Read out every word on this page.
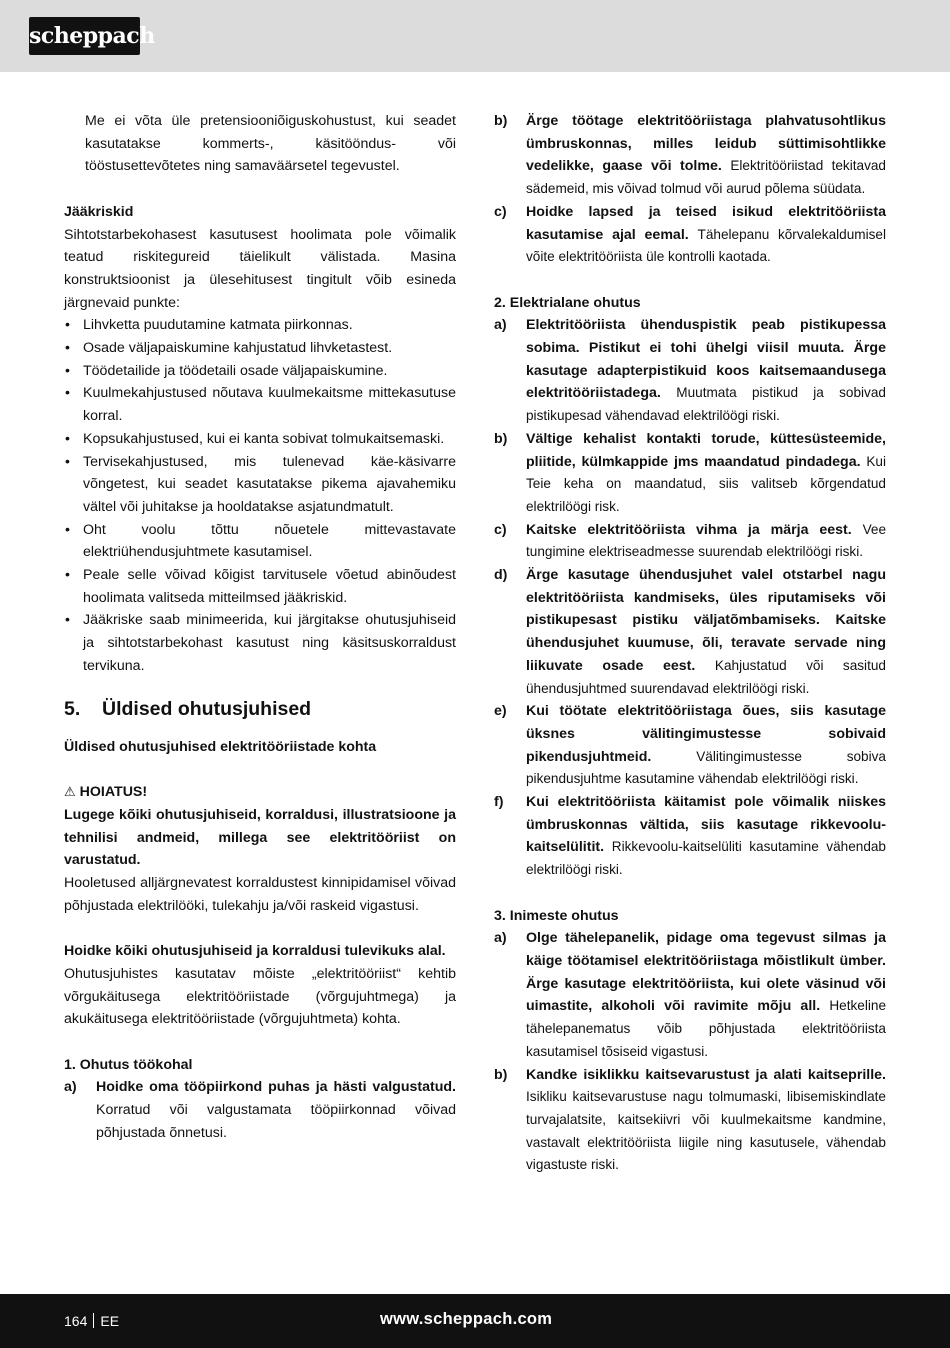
scheppach

Me ei võta üle pretensiooniõiguskohustust, kui seadet kasutatakse kommerts-, käsitööndus- või tööstusettevõtetes ning samaväärsetel tegevustel.

Jääkriskid

Sihtotstarbekohasest kasutusest hoolimata pole võimalik teatud riskitegureid täielikult välistada. Masina konstruktsioonist ja ülesehitusest tingitult võib esineda järgnevaid punkte:

• Lihvketta puudutamine katmata piirkonnas.
• Osade väljapaiskumine kahjustatud lihvketastest.
• Töödetailide ja töödetaili osade väljapaiskumine.
• Kuulmekahjustused nõutava kuulmekaitsme mittekasutuse korral.
• Kopsukahjustused, kui ei kanta sobivat tolmukaitsemaski.
• Tervisekahjustused, mis tulenevad käe-käsivarre võngetest, kui seadet kasutatakse pikema ajavahemiku vältel või juhitakse ja hooldatakse asjatundmatult.
• Oht voolu tõttu nõuetele mittevastavate elektriühendusjuhtmete kasutamisel.
• Peale selle võivad kõigist tarvitusele võetud abinõudest hoolimata valitseda mitteilmsed jääkriskid.
• Jääkriske saab minimeerida, kui järgitakse ohutusjuhiseid ja sihtotstarbekohast kasutust ning käsitsuskorraldust tervikuna.

5. Üldised ohutusjuhised

Üldised ohutusjuhised elektritööriistade kohta

⚠ HOIATUS!

Lugege kõiki ohutusjuhiseid, korraldusi, illustratsioone ja tehnilisi andmeid, millega see elektritööriist on varustatud.

Hooletused alljärgnevatest korraldustest kinnipidamisel võivad põhjustada elektrilööki, tulekahju ja/või raskeid vigastusi.

Hoidke kõiki ohutusjuhiseid ja korraldusi tulevikuks alal.

Ohutusjuhistes kasutatav mõiste „elektritööriist“ kehtib võrgukäitusega elektritööriistade (võrgujuhtmega) ja akukäitusega elektritööriistade (võrgujuhtmeta) kohta.

1. Ohutus töökohal

a)	Hoidke oma tööpiirkond puhas ja hästi valgustatud. Korratud või valgustamata tööpiirkonnad võivad põhjustada õnnetusi.
b)	Ärge töötage elektritööriistaga plahvatusohtlikus ümbruskonnas, milles leidub süttimisohtlikke vedelikke, gaase või tolme. Elektritööriistad tekitavad sädemeid, mis võivad tolmud või aurud põlema süüdata.
c)	Hoidke lapsed ja teised isikud elektritööriista kasutamise ajal eemal. Tähelepanu kõrvalekaldumisel võite elektritööriista üle kontrolli kaotada.

2. Elektrialane ohutus

a)	Elektritööriista ühenduspistik peab pistikupessa sobima. Pistikut ei tohi ühelgi viisil muuta. Ärge kasutage adapterpistikuid koos kaitsemaandusega elektritööriistadega. Muutmata pistikud ja sobivad pistikupesad vähendavad elektrilöögi riski.
b)	Vältige kehalist kontakti torude, küttesüsteemide, pliitide, külmkappide jms maandatud pindadega. Kui Teie keha on maandatud, siis valitseb kõrgendatud elektrilöögi risk.
c)	Kaitske elektritööriista vihma ja märja eest. Vee tungimine elektriseadmesse suurendab elektrilöögi riski.
d)	Ärge kasutage ühendusjuhet valel otstarbel nagu elektritööriista kandmiseks, üles riputamiseks või pistikupesast pistiku väljatõmbamiseks. Kaitske ühendusjuhet kuumuse, õli, teravate servade ning liikuvate osade eest. Kahjustatud või sasitud ühendusjuhtmed suurendavad elektrilöögi riski.
e)	Kui töötate elektritööriistaga õues, siis kasutage üksnes välitingimustesse sobivaid pikendusjuhtmeid.	Välitingimustesse sobiva pikendusjuhtme kasutamine vähendab elektrilöögi riski.
f)	Kui elektritööriista käitamist pole võimalik niiskes ümbruskonnas vältida, siis kasutage rikkevoolu-kaitselülitit. Rikkevoolu-kaitselüliti kasutamine vähendab elektrilöögi riski.

3. Inimeste ohutus

a)	Olge tähelepanelik, pidage oma tegevust silmas ja käige töötamisel elektritööriistaga mõistlikult ümber. Ärge kasutage elektritööriista, kui olete väsinud või uimastite, alkoholi või ravimite mõju all. Hetkeline tähelepanematus võib põhjustada elektritööriista kasutamisel tõsiseid vigastusi.
b)	Kandke isiklikku kaitsevarustust ja alati kaitseprille. Isikliku kaitsevarustuse nagu tolmumaski, libisemiskindlate turvajalatsite, kaitsekiivri või kuulmekaitsme kandmine, vastavalt elektritööriista liigile ning kasutusele, vähendab vigastuste riski.
164 EE	www.scheppach.com
